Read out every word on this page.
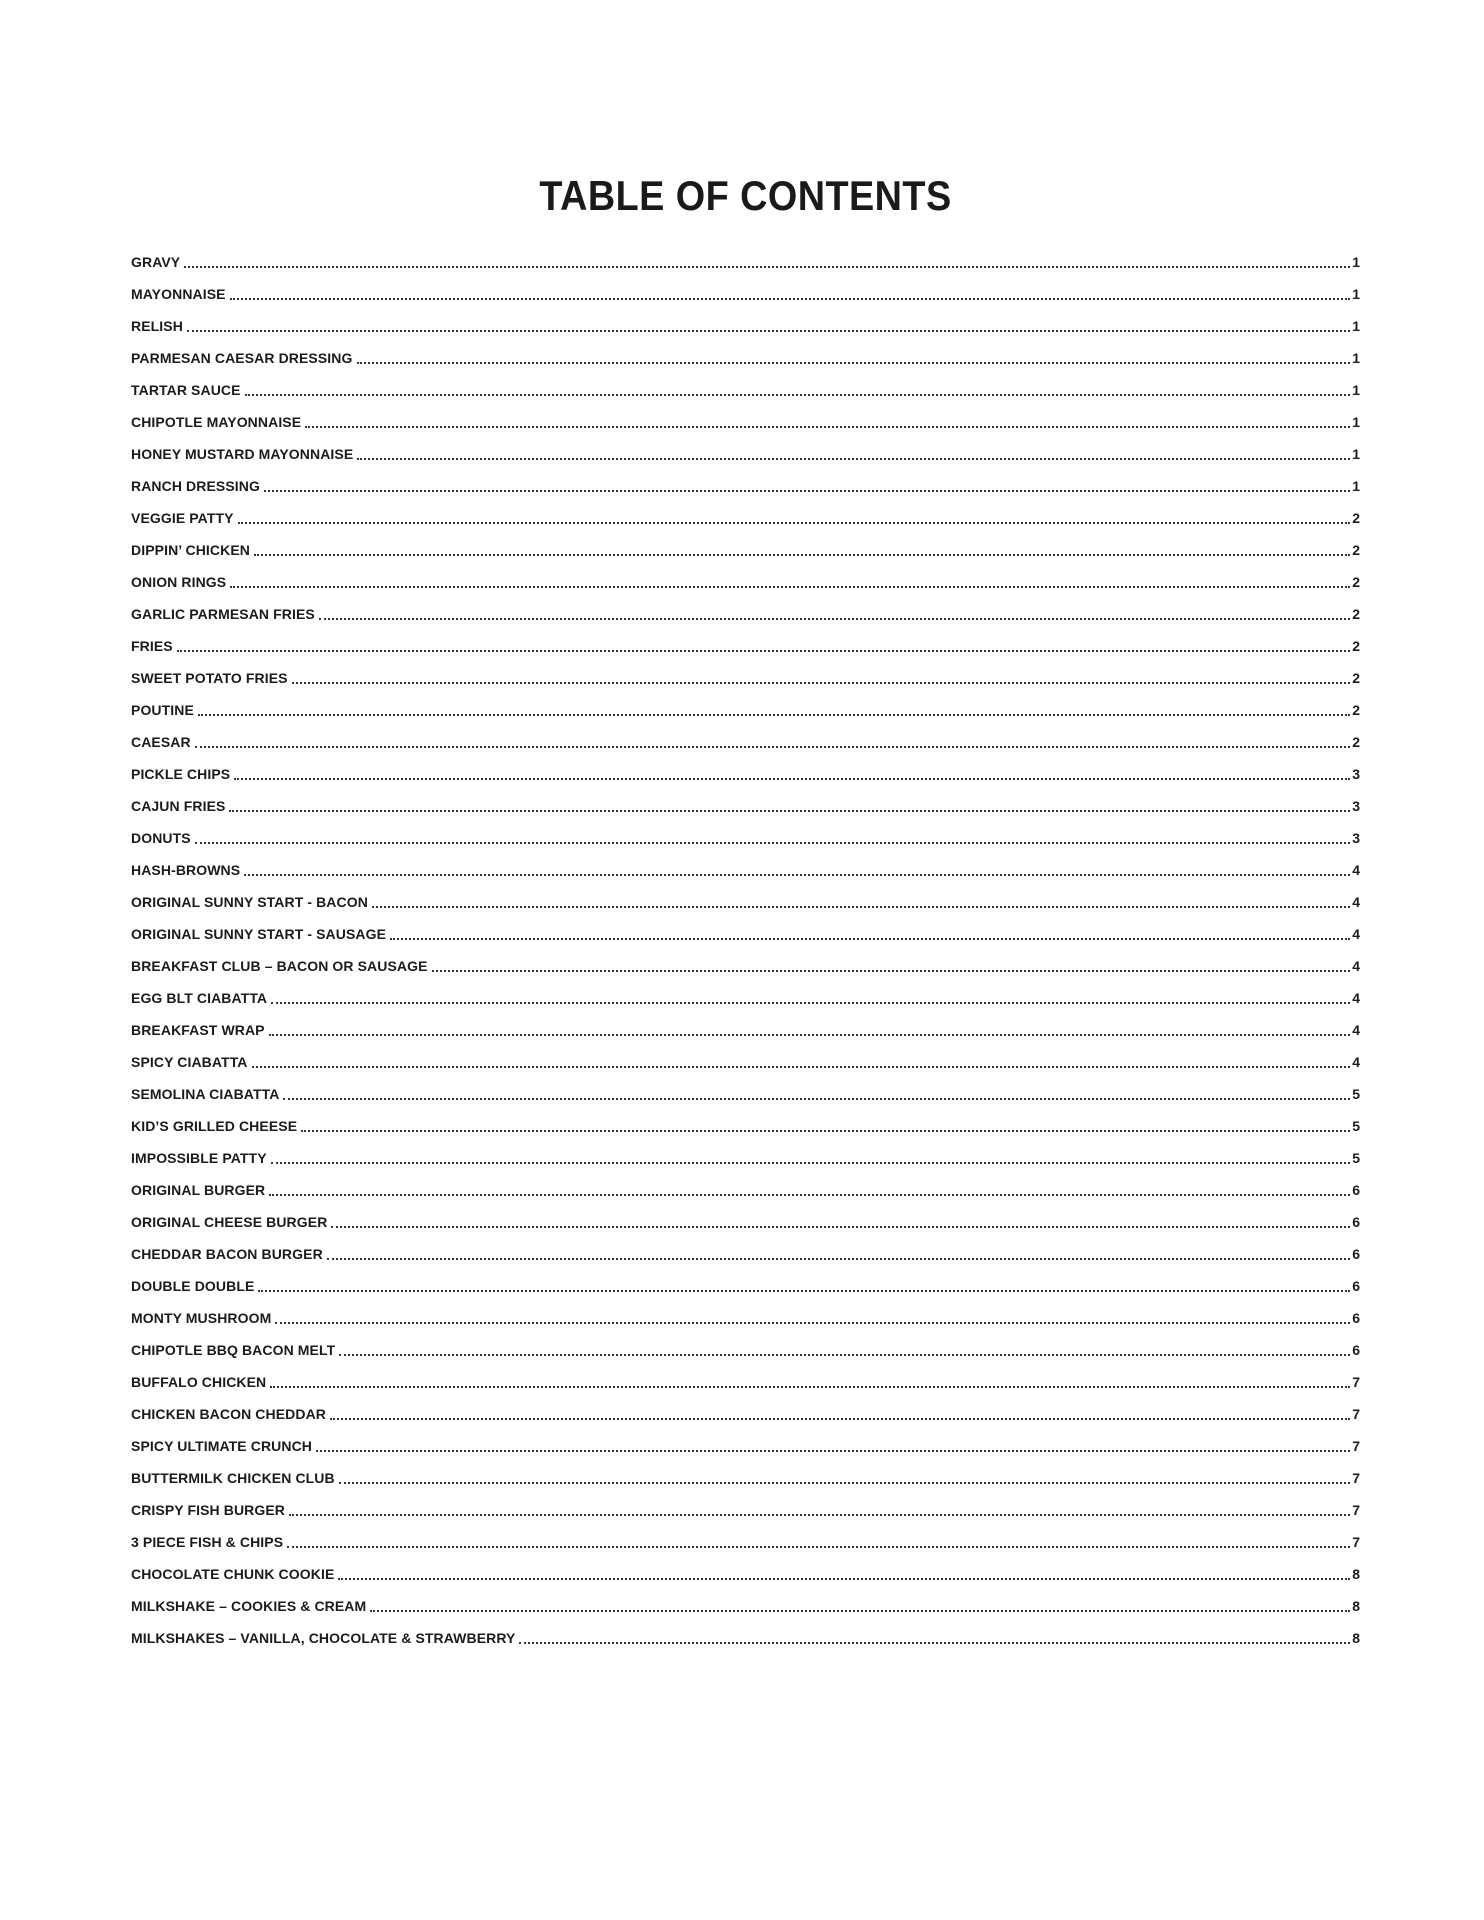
TABLE OF CONTENTS
GRAVY	1
MAYONNAISE	1
RELISH	1
PARMESAN CAESAR DRESSING	1
TARTAR SAUCE	1
CHIPOTLE MAYONNAISE	1
HONEY MUSTARD MAYONNAISE	1
RANCH DRESSING	1
VEGGIE PATTY	2
DIPPIN’ CHICKEN	2
ONION RINGS	2
GARLIC PARMESAN FRIES	2
FRIES	2
SWEET POTATO FRIES	2
POUTINE	2
CAESAR	2
PICKLE CHIPS	3
CAJUN FRIES	3
DONUTS	3
HASH-BROWNS	4
ORIGINAL SUNNY START - BACON	4
ORIGINAL SUNNY START - SAUSAGE	4
BREAKFAST CLUB – BACON OR SAUSAGE	4
EGG BLT CIABATTA	4
BREAKFAST WRAP	4
SPICY CIABATTA	4
SEMOLINA CIABATTA	5
KID’S GRILLED CHEESE	5
IMPOSSIBLE PATTY	5
ORIGINAL BURGER	6
ORIGINAL CHEESE BURGER	6
CHEDDAR BACON BURGER	6
DOUBLE DOUBLE	6
MONTY MUSHROOM	6
CHIPOTLE BBQ BACON MELT	6
BUFFALO CHICKEN	7
CHICKEN BACON CHEDDAR	7
SPICY ULTIMATE CRUNCH	7
BUTTERMILK CHICKEN CLUB	7
CRISPY FISH BURGER	7
3 PIECE FISH & CHIPS	7
CHOCOLATE CHUNK COOKIE	8
MILKSHAKE – COOKIES & CREAM	8
MILKSHAKES – VANILLA, CHOCOLATE & STRAWBERRY	8
